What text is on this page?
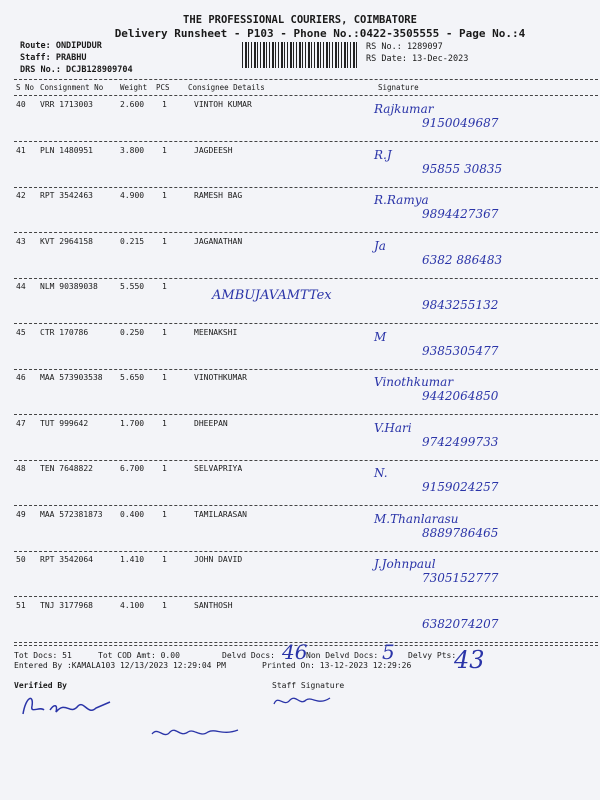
THE PROFESSIONAL COURIERS, COIMBATORE
Delivery Runsheet - P103 - Phone No.:0422-3505555 - Page No.:4
Route: ONDIPUDUR
Staff: PRABHU
DRS No.: DCJB128909704
RS No.: 1289097
RS Date: 13-Dec-2023
S No Consignment No Weight PCS Consignee Details	Signature
40 VRR 1713003	2.600 1	VINTOH KUMAR	Rajkumar
9150049687
41 PLN 1480951	3.800 1	JAGDEESH	R.J
95855 30835
42 RPT 3542463	4.900 1	RAMESH BAG	R.Ramya
9894427367
43 KVT 2964158	0.215 1	JAGANATHAN	Ja
6382 886483
44 NLM 90389038	5.550 1
AMBUJAVAMTTex
9843255132
45 CTR 170786	0.250 1	MEENAKSHI	M
9385305477
46 MAA 573903538 5.650 1	VINOTHKUMAR	Vinothkumar
9442064850
47 TUT 999642	1.700 1	DHEEPAN	V.Hari
9742499733
48 TEN 7648822	6.700 1	SELVAPRIYA	N.
9159024257
49 MAA 572381873 0.400 1	TAMILARASAN	M.Thanlarasu
8889786465
50 RPT 3542064	1.410 1	JOHN DAVID	J.Johnpaul
7305152777
51 TNJ 3177968	4.100 1	SANTHOSH
6382074207
Tot Docs: 51	Tot COD Amt: 0.00	Delvd Docs: 46
Non Delvd Docs: 5 Delvy Pts:
43
Entered By :KAMALA103 12/13/2023 12:29:04 PM	Printed On: 13-12-2023 12:29:26
Verified By	Staff Signature
